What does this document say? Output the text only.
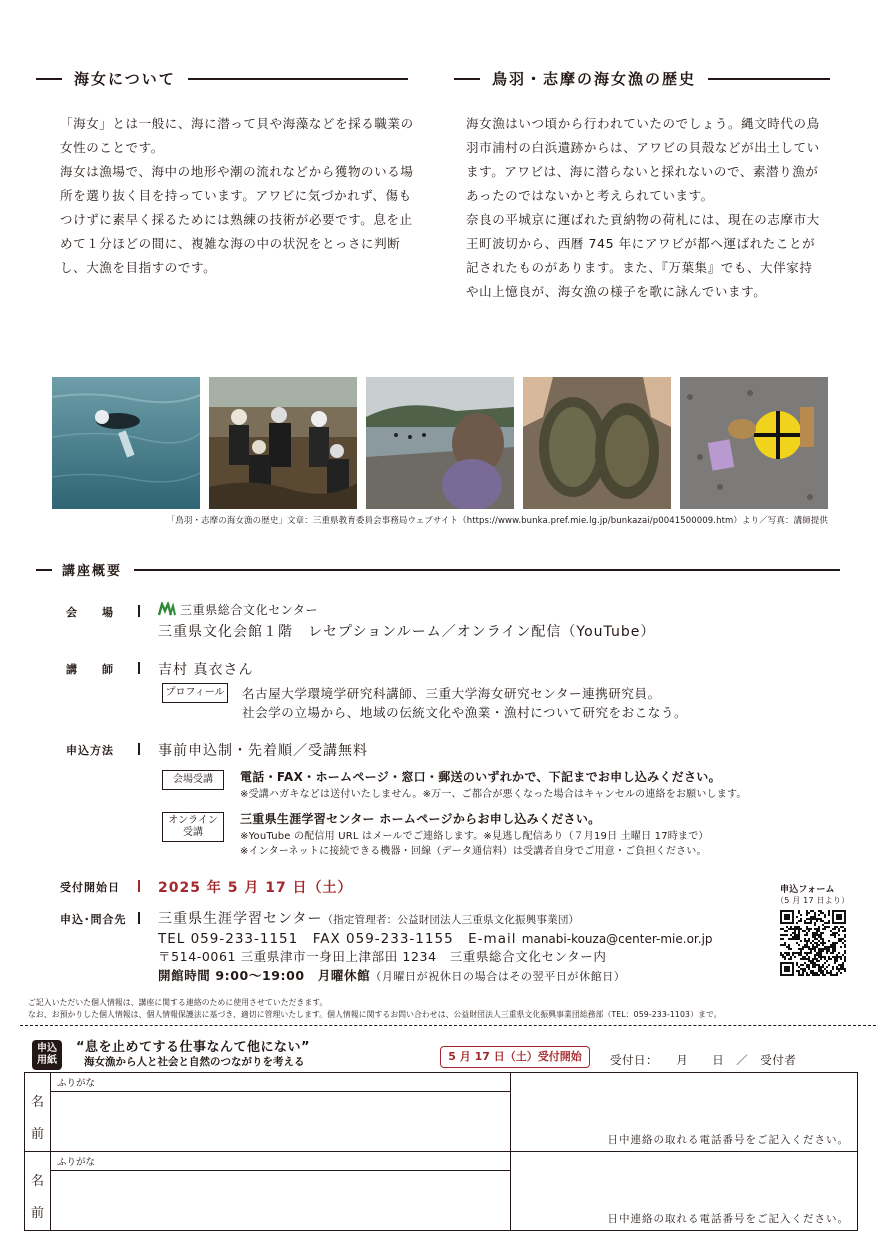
海女について

「海女」とは一般に、海に潜って貝や海藻などを採る職業の女性のことです。

海女は漁場で、海中の地形や潮の流れなどから獲物のいる場所を選り抜く目を持っています。アワビに気づかれず、傷もつけずに素早く採るためには熟練の技術が必要です。息を止めて１分ほどの間に、複雑な海の中の状況をとっさに判断し、大漁を目指すのです。

鳥羽・志摩の海女漁の歴史

海女漁はいつ頃から行われていたのでしょう。縄文時代の鳥羽市浦村の白浜遺跡からは、アワビの貝殻などが出土しています。アワビは、海に潜らないと採れないので、素潜り漁があったのではないかと考えられています。

奈良の平城京に運ばれた貢納物の荷札には、現在の志摩市大王町波切から、西暦 745 年にアワビが都へ運ばれたことが記されたものがあります。また、『万葉集』でも、大伴家持や山上憶良が、海女漁の様子を歌に詠んでいます。

「鳥羽・志摩の海女漁の歴史」文章：三重県教育委員会事務局ウェブサイト（https://www.bunka.pref.mie.lg.jp/bunkazai/p0041500009.htm）より／写真：講師提供
講座概要
会　　場	三重県総合文化センター
三重県文化会館１階　レセプションルーム／オンライン配信（YouTube）
講　　師	吉村 真衣さん
プロフィール 名古屋大学環境学研究科講師、三重大学海女研究センター連携研究員。
社会学の立場から、地域の伝統文化や漁業・漁村について研究をおこなう。
申込方法	事前申込制・先着順／受講無料
会場受講	電話・FAX・ホームページ・窓口・郵送のいずれかで、下記までお申し込みください。
※受講ハガキなどは送付いたしません。※万一、ご都合が悪くなった場合はキャンセルの連絡をお願いします。
オンライン
受講
三重県生涯学習センター ホームページからお申し込みください。
※YouTube の配信用 URL はメールでご連絡します。※見逃し配信あり（７月19日 土曜日 17時まで）
※インターネットに接続できる機器・回線（データ通信料）は受講者自身でご用意・ご負担ください。
受付開始日	2025 年 5 月 17 日（土）
申込･問合先 三重県生涯学習センター（指定管理者：公益財団法人三重県文化振興事業団）
TEL 059-233-1151　FAX 059-233-1155　E-mail manabi-kouza@center-mie.or.jp
〒514-0061 三重県津市一身田上津部田 1234　三重県総合文化センター内
開館時間 9:00～19:00　月曜休館（月曜日が祝休日の場合はその翌平日が休館日）
申込フォーム
（5 月 17 日より）
ご記入いただいた個人情報は、講座に関する連絡のために使用させていただきます。
なお、お預かりした個人情報は、個人情報保護法に基づき、適切に管理いたします。個人情報に関するお問い合わせは、公益財団法人三重県文化振興事業団総務部（TEL：059-233-1103）まで。
申込
用紙
“息を止めてする仕事なんて他にない”
海女漁から人と社会と自然のつながりを考える	5 月 17 日（土）受付開始	受付日：　　月　　日　／　受付者
名
前	ふりがな	日中連絡の取れる電話番号をご記入ください。

名
前	ふりがな	日中連絡の取れる電話番号をご記入ください。
